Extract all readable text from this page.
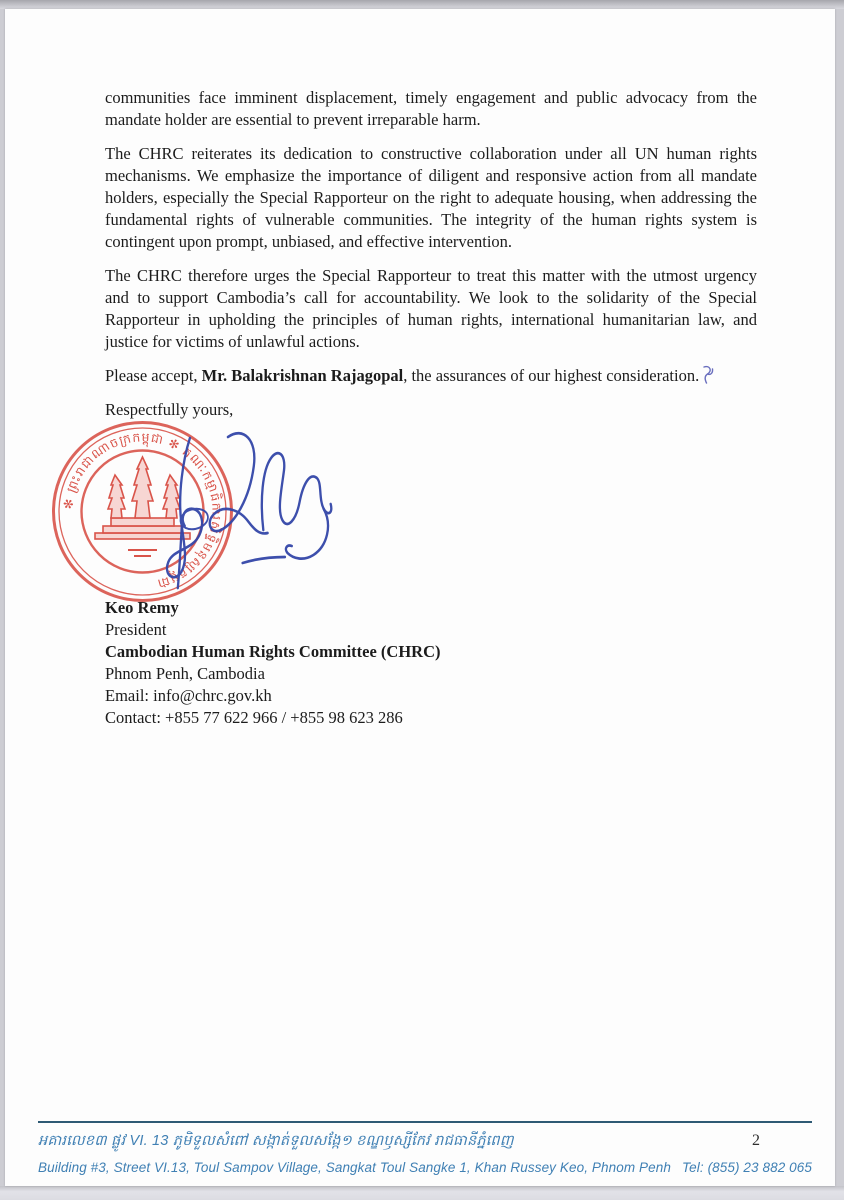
communities face imminent displacement, timely engagement and public advocacy from the
mandate holder are essential to prevent irreparable harm.

The CHRC reiterates its dedication to constructive collaboration under all UN human rights
mechanisms. We emphasize the importance of diligent and responsive action from all mandate
holders, especially the Special Rapporteur on the right to adequate housing, when addressing the
fundamental rights of vulnerable communities. The integrity of the human rights system is
contingent upon prompt, unbiased, and effective intervention.

The CHRC therefore urges the Special Rapporteur to treat this matter with the utmost urgency
and to support Cambodia’s call for accountability. We look to the solidarity of the Special
Rapporteur in upholding the principles of human rights, international humanitarian law, and
justice for victims of unlawful actions.

Please accept, Mr. Balakrishnan Rajagopal, the assurances of our highest consideration.

Respectfully yours,

✻ ព្រះរាជាណាចក្រកម្ពុជា ✻ គណៈកម្មាធិការសិទ្ធិមនុស្សកម្ពុជា
Keo Remy
President
Cambodian Human Rights Committee (CHRC)
Phnom Penh, Cambodia
Email: info@chrc.gov.kh
Contact: +855 77 622 966 / +855 98 623 286
អគារលេខ៣ ផ្លូវ VI. 13 ភូមិទួលសំពៅ សង្កាត់ទួលសង្កែ១ ខណ្ឌឫស្សីកែវ រាជធានីភ្នំពេញ	2
Building #3, Street VI.13, Toul Sampov Village, Sangkat Toul Sangke 1, Khan Russey Keo, Phnom Penh Tel: (855) 23 882 065
